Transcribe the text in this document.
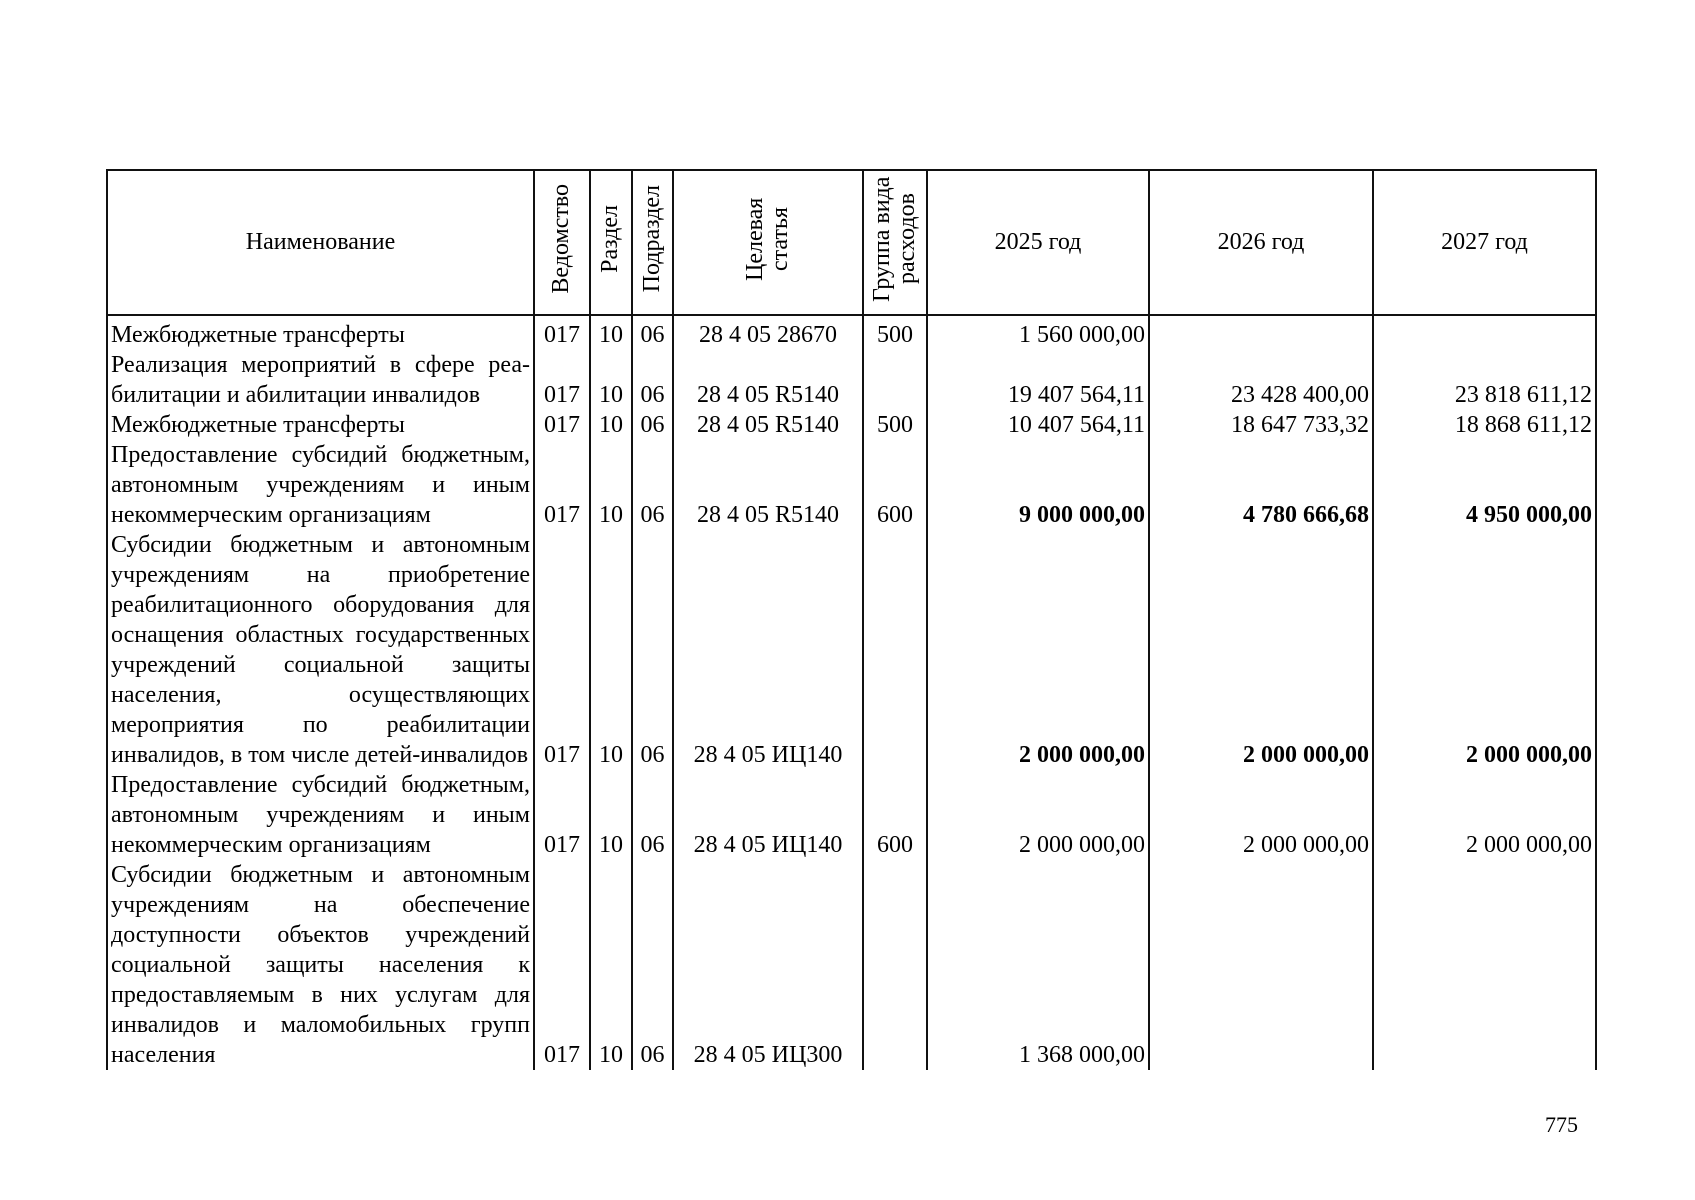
Наименование	Ведомство	Раздел	Подраздел	Целевая статья	Группа вида расходов	2025 год	2026 год	2027 год
Межбюджетные трансферты	017	10	06	28 4 05 28670	500	1 560 000,00		
Реализация мероприятий в сфере реабилитации и абилитации инвалидов	017	10	06	28 4 05 R5140		19 407 564,11	23 428 400,00	23 818 611,12
Межбюджетные трансферты	017	10	06	28 4 05 R5140	500	10 407 564,11	18 647 733,32	18 868 611,12
Предоставление субсидий бюджетным, автономным учреждениям и иным некоммерческим организациям	017	10	06	28 4 05 R5140	600	9 000 000,00	4 780 666,68	4 950 000,00
Субсидии бюджетным и автономным учреждениям на приобретение реабилитационного оборудования для оснащения областных государственных учреждений социальной защиты населения, осуществляющих мероприятия по реабилитации инвалидов, в том числе детей-инвалидов	017	10	06	28 4 05 ИЦ140		2 000 000,00	2 000 000,00	2 000 000,00
Предоставление субсидий бюджетным, автономным учреждениям и иным некоммерческим организациям	017	10	06	28 4 05 ИЦ140	600	2 000 000,00	2 000 000,00	2 000 000,00
Субсидии бюджетным и автономным учреждениям на обеспечение доступности объектов учреждений социальной защиты населения к предоставляемым в них услугам для инвалидов и маломобильных групп населения	017	10	06	28 4 05 ИЦ300		1 368 000,00		
775
